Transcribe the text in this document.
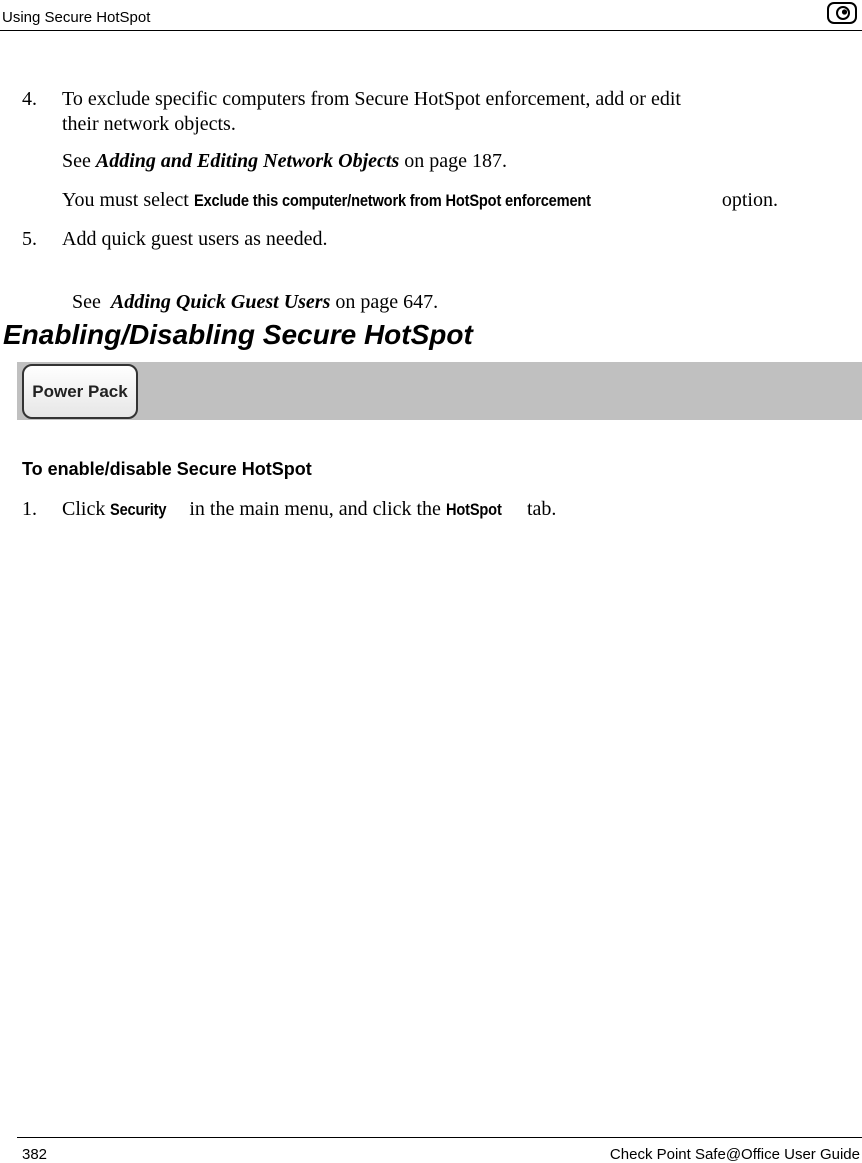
Using Secure HotSpot
4. To exclude specific computers from Secure HotSpot enforcement, add or edit
their network objects.
See Adding and Editing Network Objects on page 187.
You must select Exclude this computer/network from HotSpot enforcement	option.
5. Add quick guest users as needed.

See  Adding Quick Guest Users on page 647.

Enabling/Disabling Secure HotSpot
Power Pack
To enable/disable Secure HotSpot
1. Click Security in the main menu, and click the HotSpot tab.
382	Check Point Safe@Office User Guide
